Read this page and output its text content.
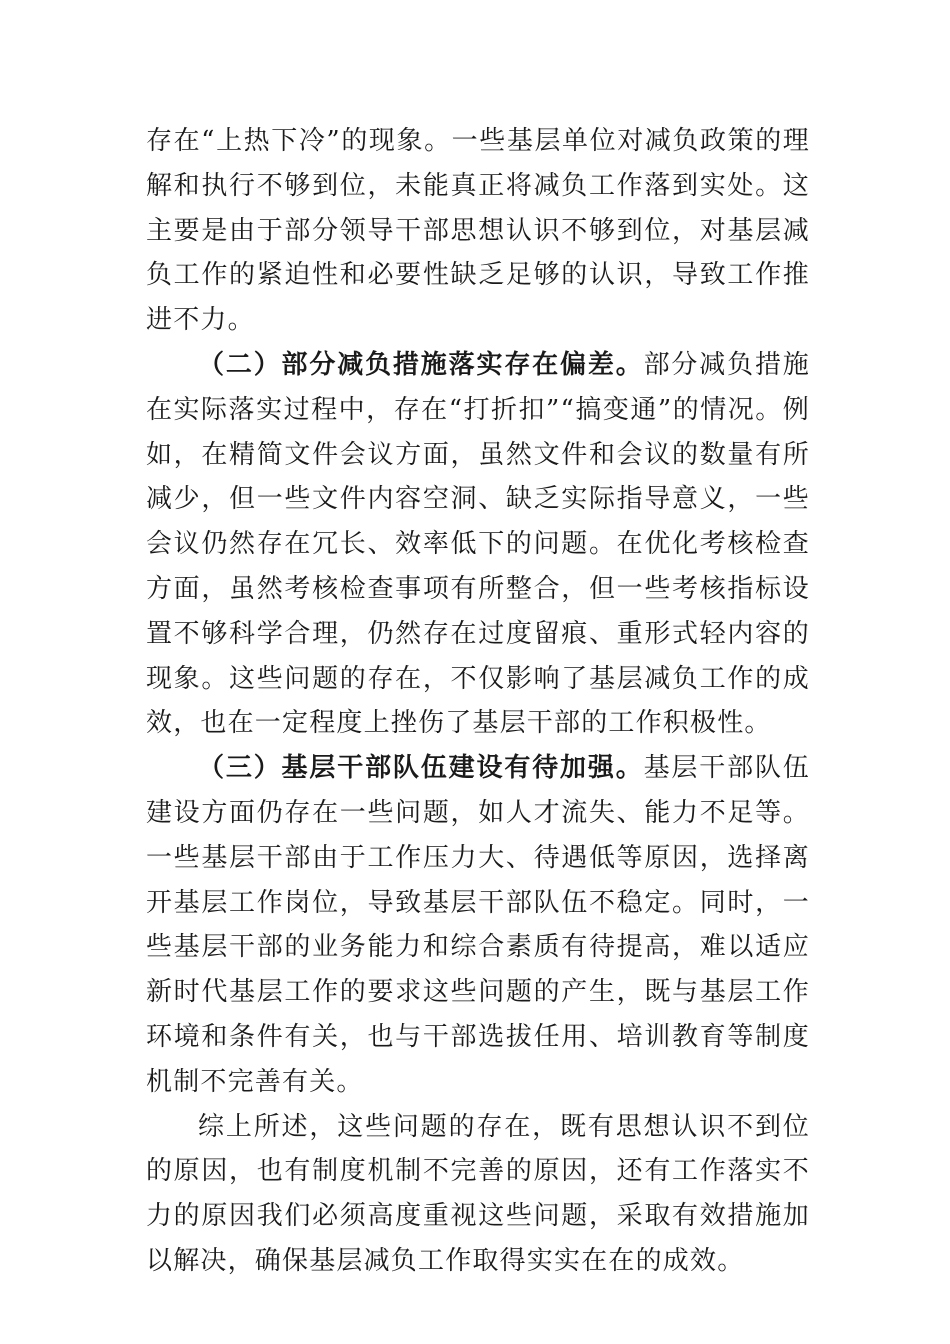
存在“上热下冷”的现象。一些基层单位对减负政策的理解和执行不够到位，未能真正将减负工作落到实处。这主要是由于部分领导干部思想认识不够到位，对基层减负工作的紧迫性和必要性缺乏足够的认识，导致工作推进不力。

（二）部分减负措施落实存在偏差。部分减负措施在实际落实过程中，存在“打折扣”“搞变通”的情况。例如，在精简文件会议方面，虽然文件和会议的数量有所减少，但一些文件内容空洞、缺乏实际指导意义，一些会议仍然存在冗长、效率低下的问题。在优化考核检查方面，虽然考核检查事项有所整合，但一些考核指标设置不够科学合理，仍然存在过度留痕、重形式轻内容的现象。这些问题的存在，不仅影响了基层减负工作的成效，也在一定程度上挫伤了基层干部的工作积极性。

（三）基层干部队伍建设有待加强。基层干部队伍建设方面仍存在一些问题，如人才流失、能力不足等。一些基层干部由于工作压力大、待遇低等原因，选择离开基层工作岗位，导致基层干部队伍不稳定。同时，一些基层干部的业务能力和综合素质有待提高，难以适应新时代基层工作的要求这些问题的产生，既与基层工作环境和条件有关，也与干部选拔任用、培训教育等制度机制不完善有关。

综上所述，这些问题的存在，既有思想认识不到位的原因，也有制度机制不完善的原因，还有工作落实不力的原因我们必须高度重视这些问题，采取有效措施加以解决，确保基层减负工作取得实实在在的成效。
